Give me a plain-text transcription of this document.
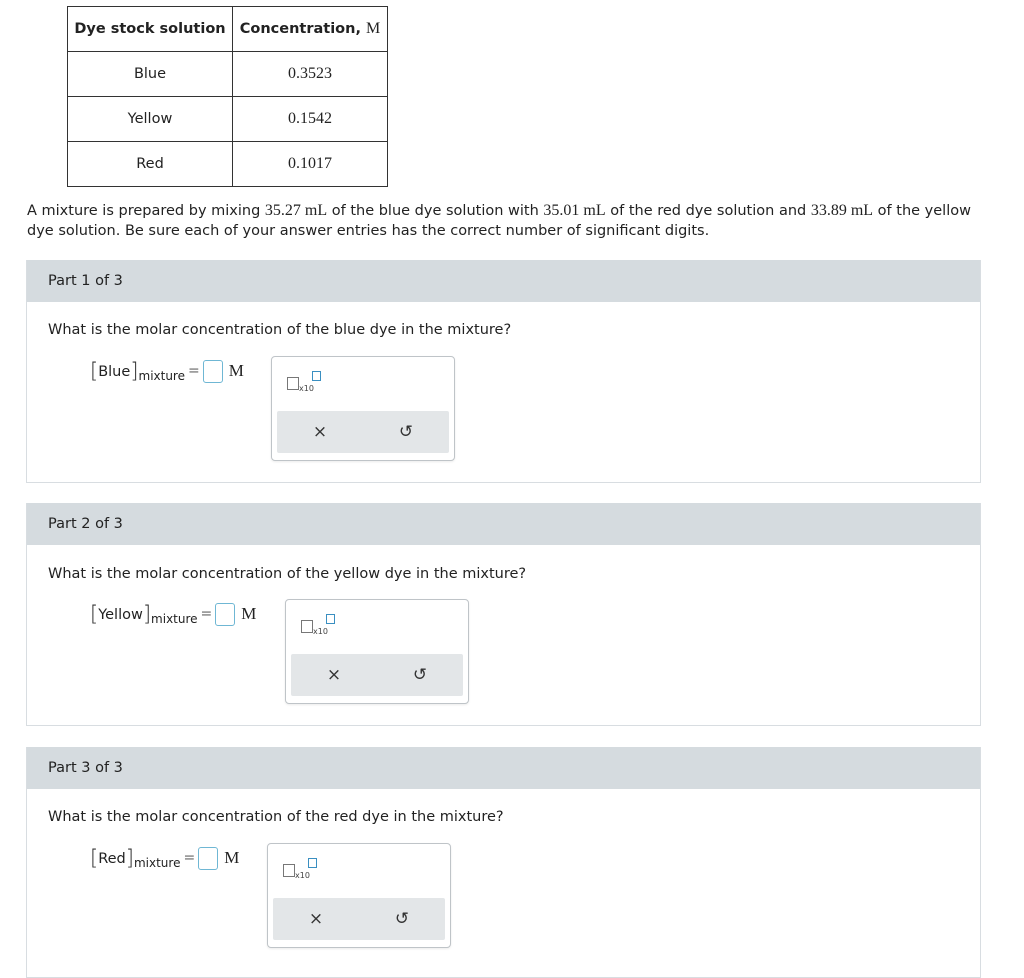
Dye stock solution	Concentration, M
Blue	0.3523
Yellow	0.1542
Red	0.1017
A mixture is prepared by mixing 35.27 mL of the blue dye solution with 35.01 mL of the red dye solution and 33.89 mL of the yellow dye solution. Be sure each of your answer entries has the correct number of significant digits.
Part 1 of 3
What is the molar concentration of the blue dye in the mixture?
[ Blue ] mixture = M
x10
×	↺
Part 2 of 3
What is the molar concentration of the yellow dye in the mixture?
[ Yellow ] mixture = M
x10
×	↺
Part 3 of 3
What is the molar concentration of the red dye in the mixture?
[ Red ] mixture = M
x10
×	↺
